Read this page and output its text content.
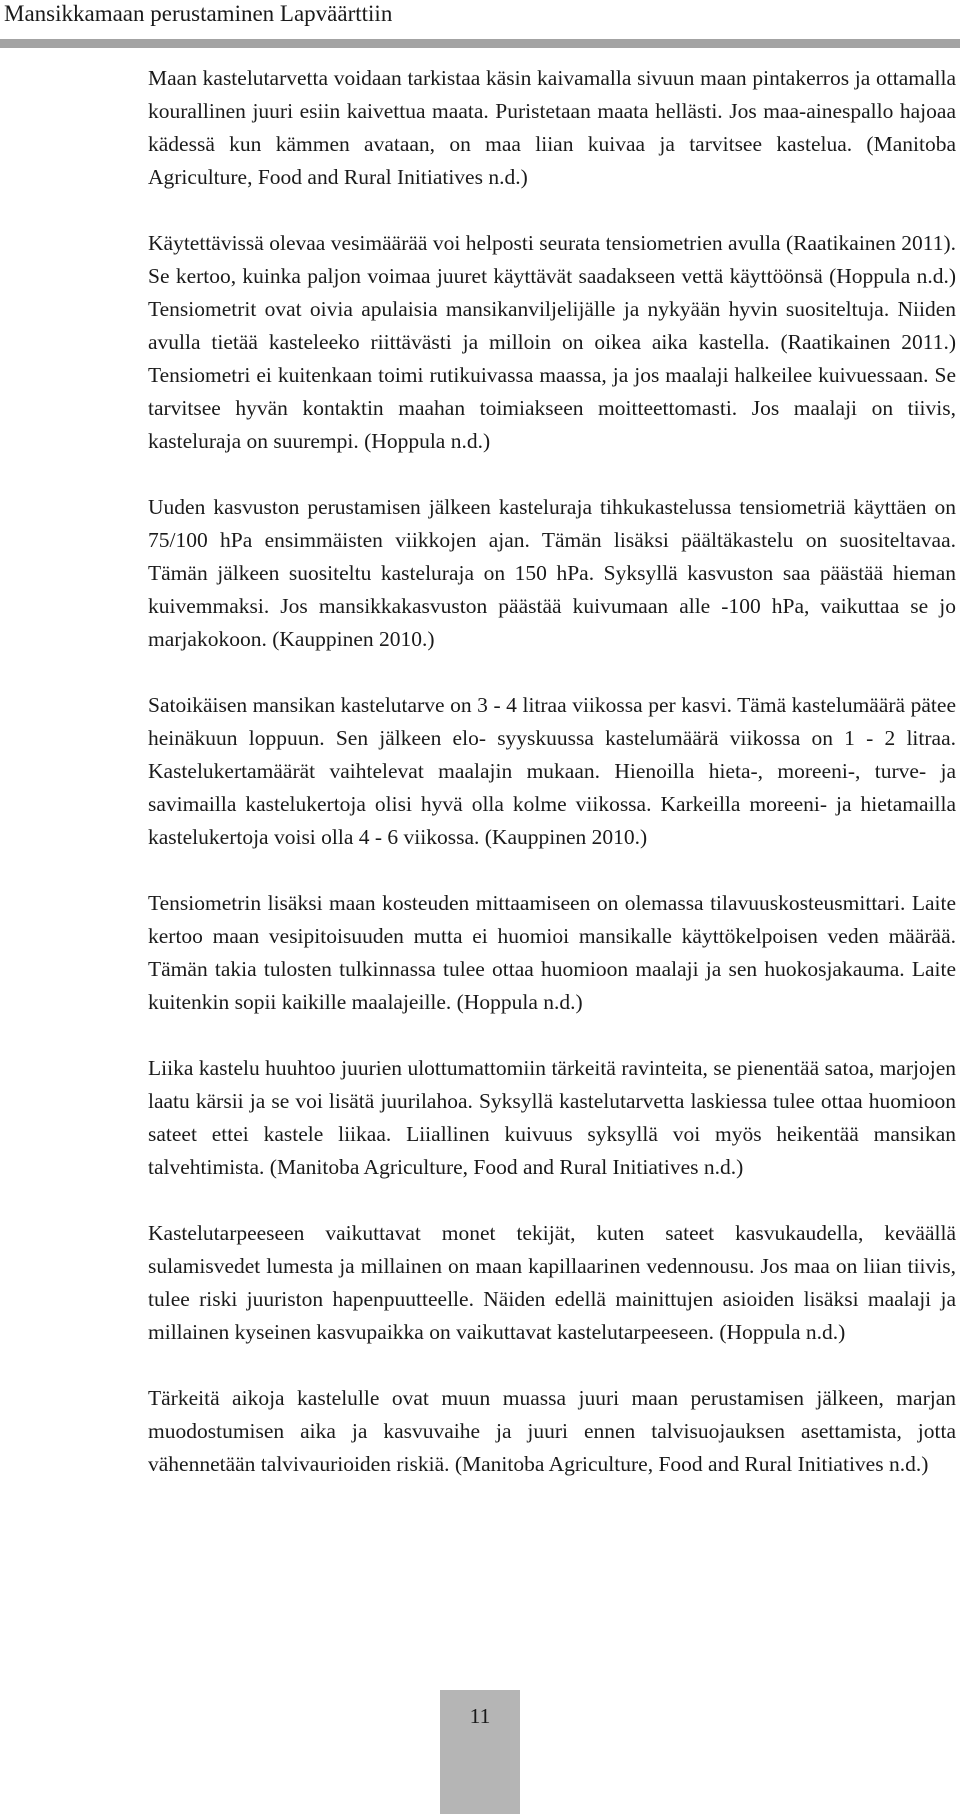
Mansikkamaan perustaminen Lapväärttiin

Maan kastelutarvetta voidaan tarkistaa käsin kaivamalla sivuun maan pintakerros ja ottamalla kourallinen juuri esiin kaivettua maata. Puristetaan maata hellästi. Jos maa-ainespallo hajoaa kädessä kun kämmen avataan, on maa liian kuivaa ja tarvitsee kastelua. (Manitoba Agriculture, Food and Rural Initiatives n.d.)

Käytettävissä olevaa vesimäärää voi helposti seurata tensiometrien avulla (Raatikainen 2011). Se kertoo, kuinka paljon voimaa juuret käyttävät saadakseen vettä käyttöönsä (Hoppula n.d.) Tensiometrit ovat oivia apulaisia mansikanviljelijälle ja nykyään hyvin suositeltuja. Niiden avulla tietää kasteleeko riittävästi ja milloin on oikea aika kastella. (Raatikainen 2011.) Tensiometri ei kuitenkaan toimi rutikuivassa maassa, ja jos maalaji halkeilee kuivuessaan. Se tarvitsee hyvän kontaktin maahan toimiakseen moitteettomasti. Jos maalaji on tiivis, kasteluraja on suurempi. (Hoppula n.d.)

Uuden kasvuston perustamisen jälkeen kasteluraja tihkukastelussa tensiometriä käyttäen on 75/100 hPa ensimmäisten viikkojen ajan. Tämän lisäksi päältäkastelu on suositeltavaa. Tämän jälkeen suositeltu kasteluraja on 150 hPa. Syksyllä kasvuston saa päästää hieman kuivemmaksi. Jos mansikkakasvuston päästää kuivumaan alle -100 hPa, vaikuttaa se jo marjakokoon. (Kauppinen 2010.)

Satoikäisen mansikan kastelutarve on 3 - 4 litraa viikossa per kasvi. Tämä kastelumäärä pätee heinäkuun loppuun. Sen jälkeen elo- syyskuussa kastelumäärä viikossa on 1 - 2 litraa. Kastelukertamäärät vaihtelevat maalajin mukaan. Hienoilla hieta-, moreeni-, turve- ja savimailla kastelukertoja olisi hyvä olla kolme viikossa. Karkeilla moreeni- ja hietamailla kastelukertoja voisi olla 4 - 6 viikossa. (Kauppinen 2010.)

Tensiometrin lisäksi maan kosteuden mittaamiseen on olemassa tilavuuskosteusmittari. Laite kertoo maan vesipitoisuuden mutta ei huomioi mansikalle käyttökelpoisen veden määrää. Tämän takia tulosten tulkinnassa tulee ottaa huomioon maalaji ja sen huokosjakauma. Laite kuitenkin sopii kaikille maalajeille. (Hoppula n.d.)

Liika kastelu huuhtoo juurien ulottumattomiin tärkeitä ravinteita, se pienentää satoa, marjojen laatu kärsii ja se voi lisätä juurilahoa. Syksyllä kastelutarvetta laskiessa tulee ottaa huomioon sateet ettei kastele liikaa. Liiallinen kuivuus syksyllä voi myös heikentää mansikan talvehtimista. (Manitoba Agriculture, Food and Rural Initiatives n.d.)

Kastelutarpeeseen vaikuttavat monet tekijät, kuten sateet kasvukaudella, keväällä sulamisvedet lumesta ja millainen on maan kapillaarinen vedennousu. Jos maa on liian tiivis, tulee riski juuriston hapenpuutteelle. Näiden edellä mainittujen asioiden lisäksi maalaji ja millainen kyseinen kasvupaikka on vaikuttavat kastelutarpeeseen. (Hoppula n.d.)

Tärkeitä aikoja kastelulle ovat muun muassa juuri maan perustamisen jälkeen, marjan muodostumisen aika ja kasvuvaihe ja juuri ennen talvisuojauksen asettamista, jotta vähennetään talvivaurioiden riskiä. (Manitoba Agriculture, Food and Rural Initiatives n.d.)

11
